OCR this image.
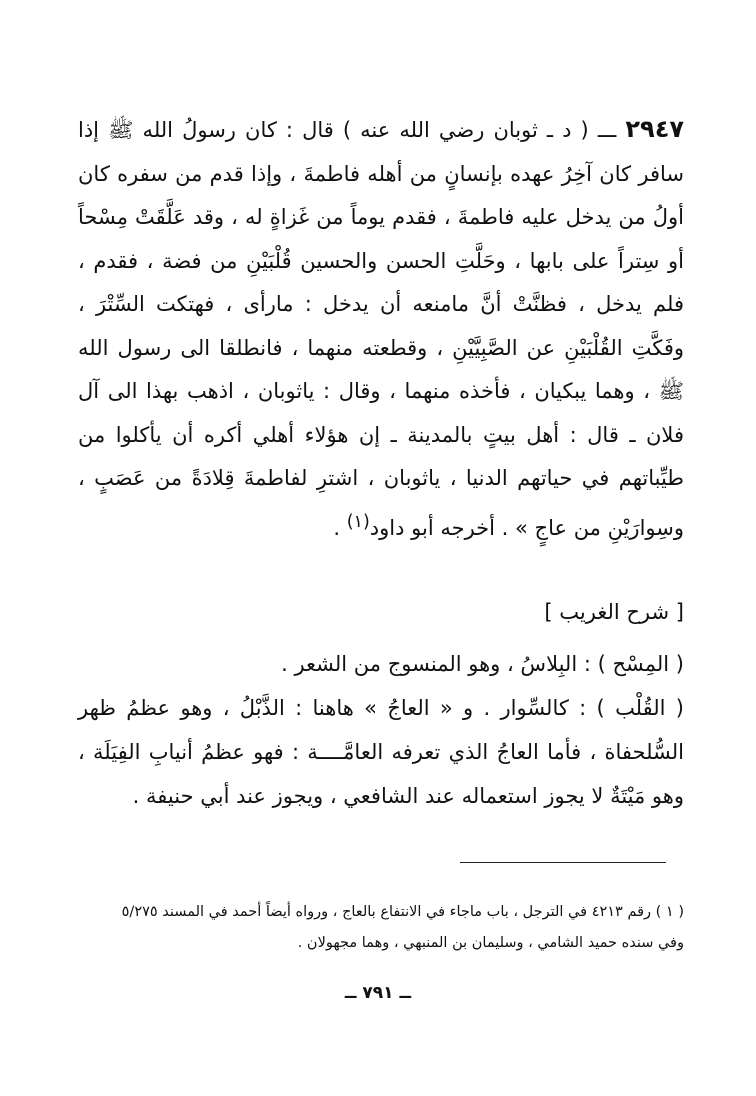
٢٩٤٧ ـــ ( د ـ ثوبان رضي الله عنه ) قال : كان رسولُ الله ﷺ إذا سافر كان آخِرُ عهده بإنسانٍ من أهله فاطمةَ ، وإذا قدم من سفره كان أولُ من يدخل عليه فاطمةَ ، فقدم يوماً من غَزاةٍ له ، وقد عَلَّقَتْ مِسْحاً أو سِتراً على بابها ، وحَلَّتِ الحسن والحسين قُلْبَيْنِ من فضة ، فقدم ، فلم يدخل ، فظنَّتْ أنَّ مامنعه أن يدخل : مارأى ، فهتكت السِّتْرَ ، وفَكَّتِ القُلْبَيْنِ عن الصَّبِيَّيْنِ ، وقطعته منهما ، فانطلقا الى رسول الله ﷺ ، وهما يبكيان ، فأخذه منهما ، وقال : ياثوبان ، اذهب بهذا الى آل فلان ـ قال : أهل بيتٍ بالمدينة ـ إن هؤلاء أهلي أكره أن يأكلوا من طيِّباتهم في حياتهم الدنيا ، ياثوبان ، اشترِ لفاطمةَ قِلادَةً من عَصَبٍ ، وسِوارَيْنِ من عاجٍ » . أخرجه أبو داود$^{(١)}$ .

[ شرح الغريب ]

( المِسْح ) : البِلاسُ ، وهو المنسوج من الشعر .

( القُلْب ) : كالسِّوار . و « العاجُ » هاهنا : الذَّبْلُ ، وهو عظمُ ظهر السُّلحفاة ، فأما العاجُ الذي تعرفه العامَّــــة : فهو عظمُ أنيابِ الفِيَلَة ، وهو مَيْتَةٌ لا يجوز استعماله عند الشافعي ، ويجوز عند أبي حنيفة .

( ١ ) رقم ٤٢١٣ في الترجل ، باب ماجاء في الانتفاع بالعاج ، ورواه أيضاً أحمد في المسند ٥/٢٧٥

وفي سنده حميد الشامي ، وسليمان بن المنبهي ، وهما مجهولان .

ــ ٧٩١ ــ
